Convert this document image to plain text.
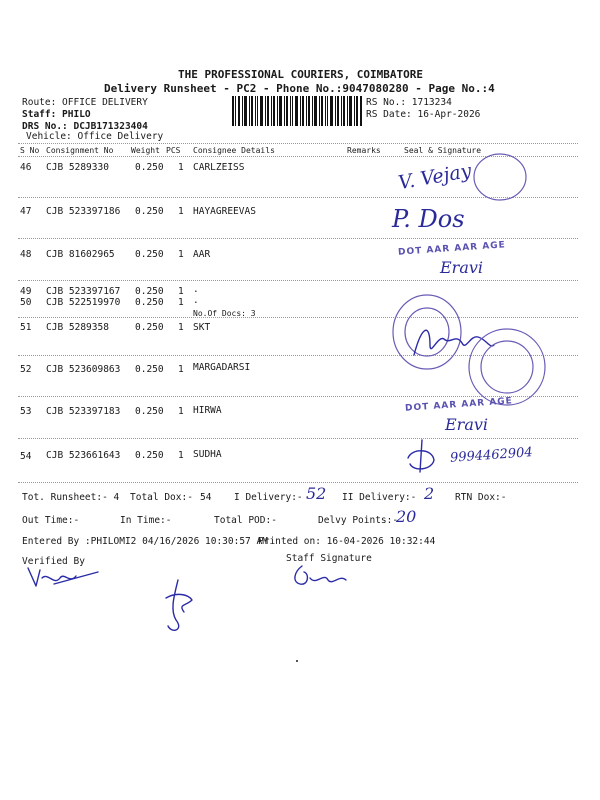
THE PROFESSIONAL COURIERS, COIMBATORE
Delivery Runsheet - PC2 - Phone No.:9047080280 - Page No.:4
Route: OFFICE DELIVERY
Staff: PHILO
DRS No.: DCJB171323404
Vehicle: Office Delivery
RS No.: 1713234
RS Date: 16-Apr-2026
S No Consignment No Weight PCS Consignee Details	Remarks	Seal & Signature
46 CJB 5289330	0.250 1 CARLZEISS
47 CJB 523397186 0.250 1 HAYAGREEVAS
48 CJB 81602965 0.250 1 AAR
49 CJB 523397167 0.250 1 .
50 CJB 522519970 0.250 1 .
No.Of Docs: 3
51 CJB 5289358	0.250 1 SKT
52 CJB 523609863 0.250 1 MARGADARSI
53 CJB 523397183 0.250 1 HIRWA
54 CJB 523661643 0.250 1 SUDHA
V. Vejay
P. Dos
DOT AAR AAR AGE
Eravi
DOT AAR AAR AGE
Eravi
9994462904
Tot. Runsheet:- 4 Total Dox:- 54 I Delivery:- 52 II Delivery:- 2 RTN Dox:-
Out Time:-	In Time:-	Total POD:-	Delvy Points:-
20
Entered By :PHILOMI2 04/16/2026 10:30:57 AM
Printed on: 16-04-2026 10:32:44
Verified By	Staff Signature
